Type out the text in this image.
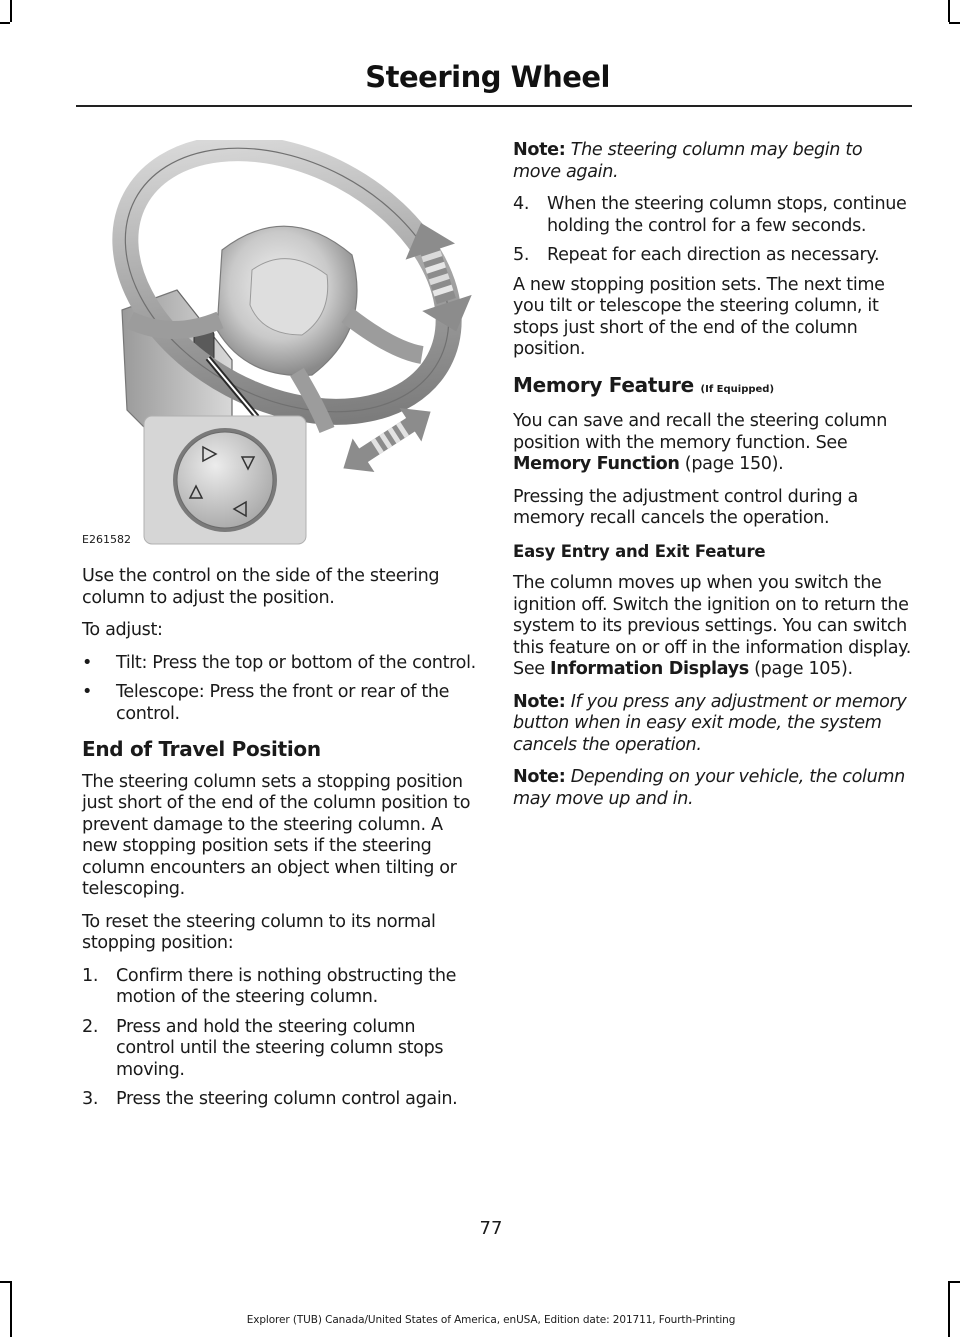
Steering Wheel
E261582

Use the control on the side of the steering column to adjust the position.

To adjust:

• Tilt: Press the top or bottom of the control.
• Telescope: Press the front or rear of the control.
End of Travel Position

The steering column sets a stopping position just short of the end of the column position to prevent damage to the steering column. A new stopping position sets if the steering column encounters an object when tilting or telescoping.

To reset the steering column to its normal stopping position:

1. Confirm there is nothing obstructing the motion of the steering column.
2. Press and hold the steering column control until the steering column stops moving.
3. Press the steering column control again.

Note: The steering column may begin to move again.

4. When the steering column stops, continue holding the control for a few seconds.
5. Repeat for each direction as necessary.

A new stopping position sets. The next time you tilt or telescope the steering column, it stops just short of the end of the column position.

Memory Feature (If Equipped)

You can save and recall the steering column position with the memory function. See Memory Function (page 150).

Pressing the adjustment control during a memory recall cancels the operation.

Easy Entry and Exit Feature

The column moves up when you switch the ignition off. Switch the ignition on to return the system to its previous settings. You can switch this feature on or off in the information display. See Information Displays (page 105).

Note: If you press any adjustment or memory button when in easy exit mode, the system cancels the operation.

Note: Depending on your vehicle, the column may move up and in.

77
Explorer (TUB) Canada/United States of America, enUSA, Edition date: 201711, Fourth-Printing
